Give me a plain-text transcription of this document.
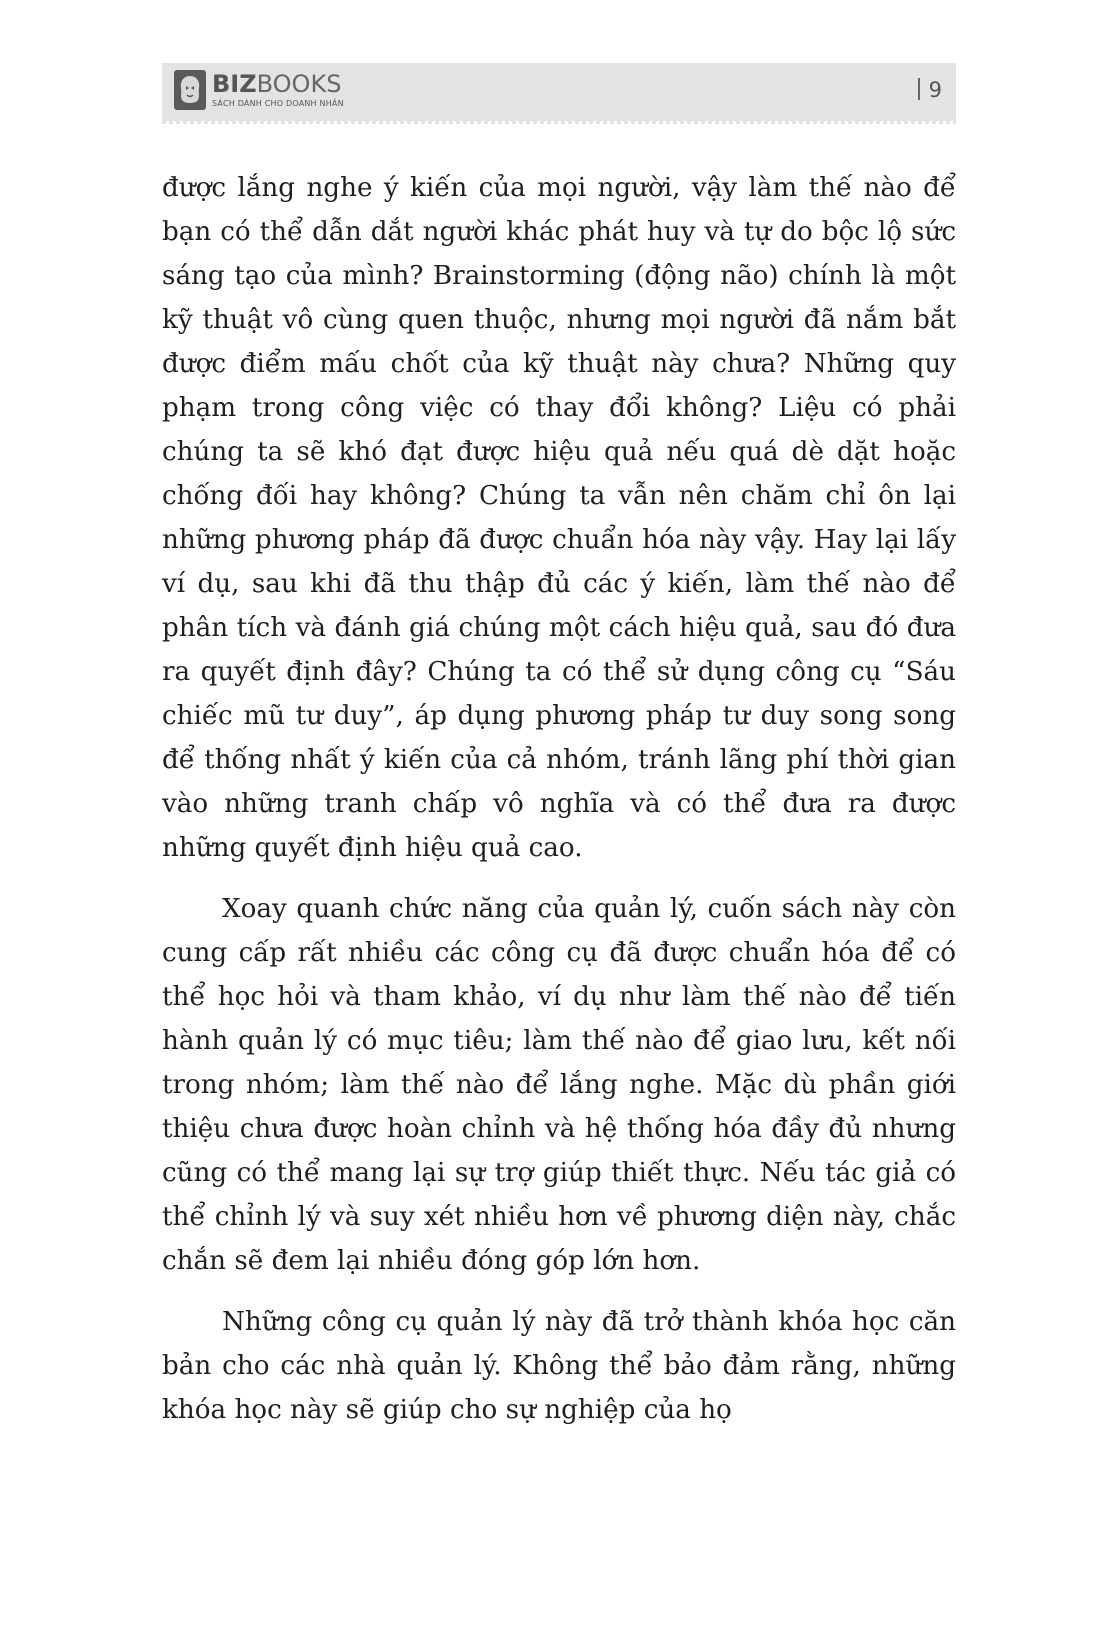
BIZBOOKS
SÁCH DÀNH CHO DOANH NHÂN
9

được lắng nghe ý kiến của mọi người, vậy làm thế nào để bạn có thể dẫn dắt người khác phát huy và tự do bộc lộ sức sáng tạo của mình? Brainstorming (động não) chính là một kỹ thuật vô cùng quen thuộc, nhưng mọi người đã nắm bắt được điểm mấu chốt của kỹ thuật này chưa? Những quy phạm trong công việc có thay đổi không? Liệu có phải chúng ta sẽ khó đạt được hiệu quả nếu quá dè dặt hoặc chống đối hay không? Chúng ta vẫn nên chăm chỉ ôn lại những phương pháp đã được chuẩn hóa này vậy. Hay lại lấy ví dụ, sau khi đã thu thập đủ các ý kiến, làm thế nào để phân tích và đánh giá chúng một cách hiệu quả, sau đó đưa ra quyết định đây? Chúng ta có thể sử dụng công cụ “Sáu chiếc mũ tư duy”, áp dụng phương pháp tư duy song song để thống nhất ý kiến của cả nhóm, tránh lãng phí thời gian vào những tranh chấp vô nghĩa và có thể đưa ra được những quyết định hiệu quả cao.

Xoay quanh chức năng của quản lý, cuốn sách này còn cung cấp rất nhiều các công cụ đã được chuẩn hóa để có thể học hỏi và tham khảo, ví dụ như làm thế nào để tiến hành quản lý có mục tiêu; làm thế nào để giao lưu, kết nối trong nhóm; làm thế nào để lắng nghe. Mặc dù phần giới thiệu chưa được hoàn chỉnh và hệ thống hóa đầy đủ nhưng cũng có thể mang lại sự trợ giúp thiết thực. Nếu tác giả có thể chỉnh lý và suy xét nhiều hơn về phương diện này, chắc chắn sẽ đem lại nhiều đóng góp lớn hơn.

Những công cụ quản lý này đã trở thành khóa học căn bản cho các nhà quản lý. Không thể bảo đảm rằng, những khóa học này sẽ giúp cho sự nghiệp của họ
